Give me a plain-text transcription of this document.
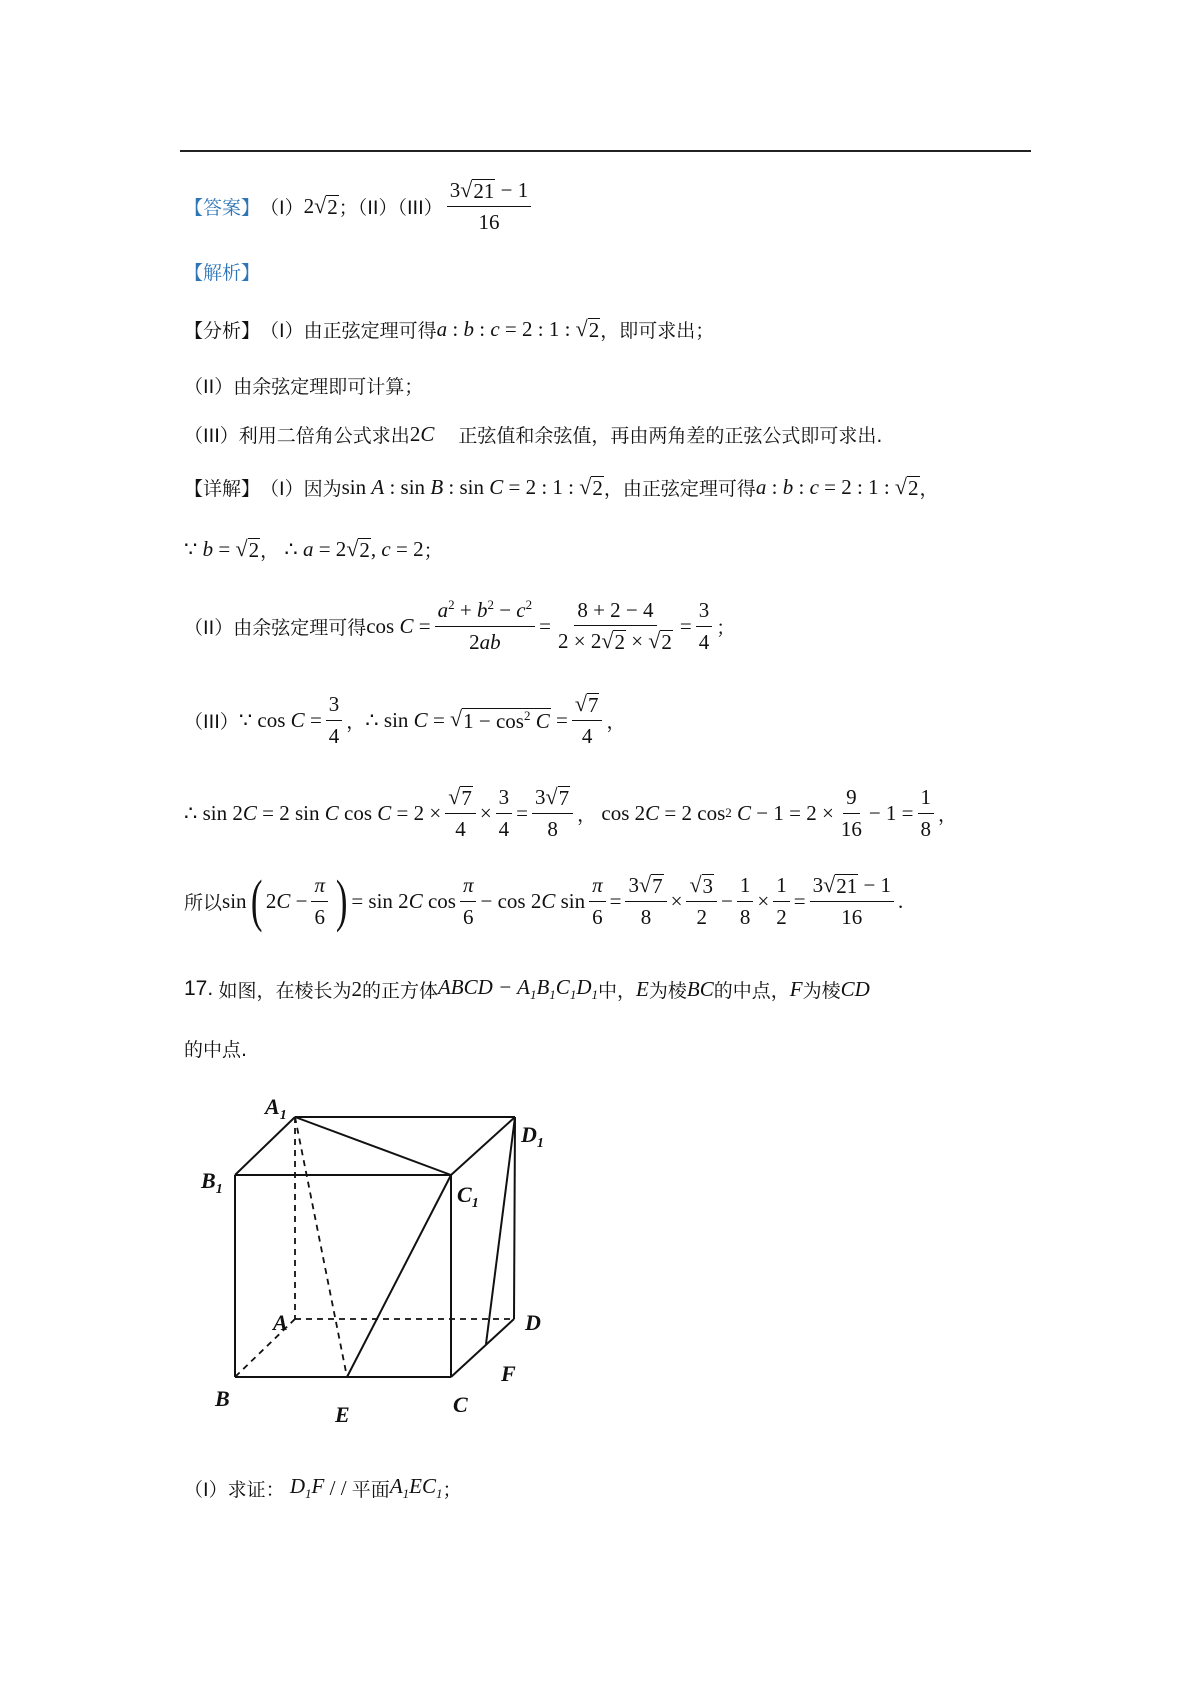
【答案】 （I） 2 √ 2 ；$(II)(III) \frac{3 √ 21 - 1}{16}$
【解析】
【分析】 （I）由正弦定理可得 a : b : c = 2 : 1 : √ 2 ，即可求出；
（II）由余弦定理即可计算；
（III）利用二倍角公式求出 2C 正弦值和余弦值，再由两角差的正弦公式即可求出.
【详解】 （I）因为 sin A : sin B : sin C = 2 : 1 : √ 2 ，由正弦定理可得 a : b : c = 2 : 1 : √ 2 ，
∵ b = √ 2 ， ∴ a = 2 √ 2 , c = 2 ；
（II）由余弦定理可得 $\cos C = \frac{a^2 + b^2 - c^2}{2ab} = \frac{8 + 2 - 4}{2 \times 2 √ 2 \times √ 2} = \frac{3}{4}$ ；
（III） ∵ $\cos C = \frac{3}{4}$ ， ∴ sin C = √ $1 - \cos^2 C = \frac{√ 7}{4}$ ，
∴ sin 2 C = 2 sin C $\cos C = 2 \times \frac{√ 7}{4} \times \frac{3}{4} = \frac{3 √ 7}{8}$ ， cos 2 C = 2 cos 2 $C - 1 = 2 \times \frac{9}{16} - 1 = \frac{1}{8}$ ，
所以 sin ( 2 $C - \frac{\pi}{6}$ ) = sin 2 C $\cos \frac{\pi}{6} - \cos 2$ C $\sin \frac{\pi}{6} = \frac{3 √ 7}{8} \times \frac{√ 3}{2} - \frac{1}{8} \times \frac{1}{2} = \frac{3 √ 21 - 1}{16}$ .
17.
如图，在棱长为 2 的正方体 ABCD − $A_1B_1C_1D_1$ 中， E 为棱 BC 的中点， F 为棱 CD
的中点.
$A_1$
$D_1$
$B_1$	$C_1$
A	D
F
B
E	C
（I）求证： $D_1F$ / / 平面 $A_1EC_1$ ；
